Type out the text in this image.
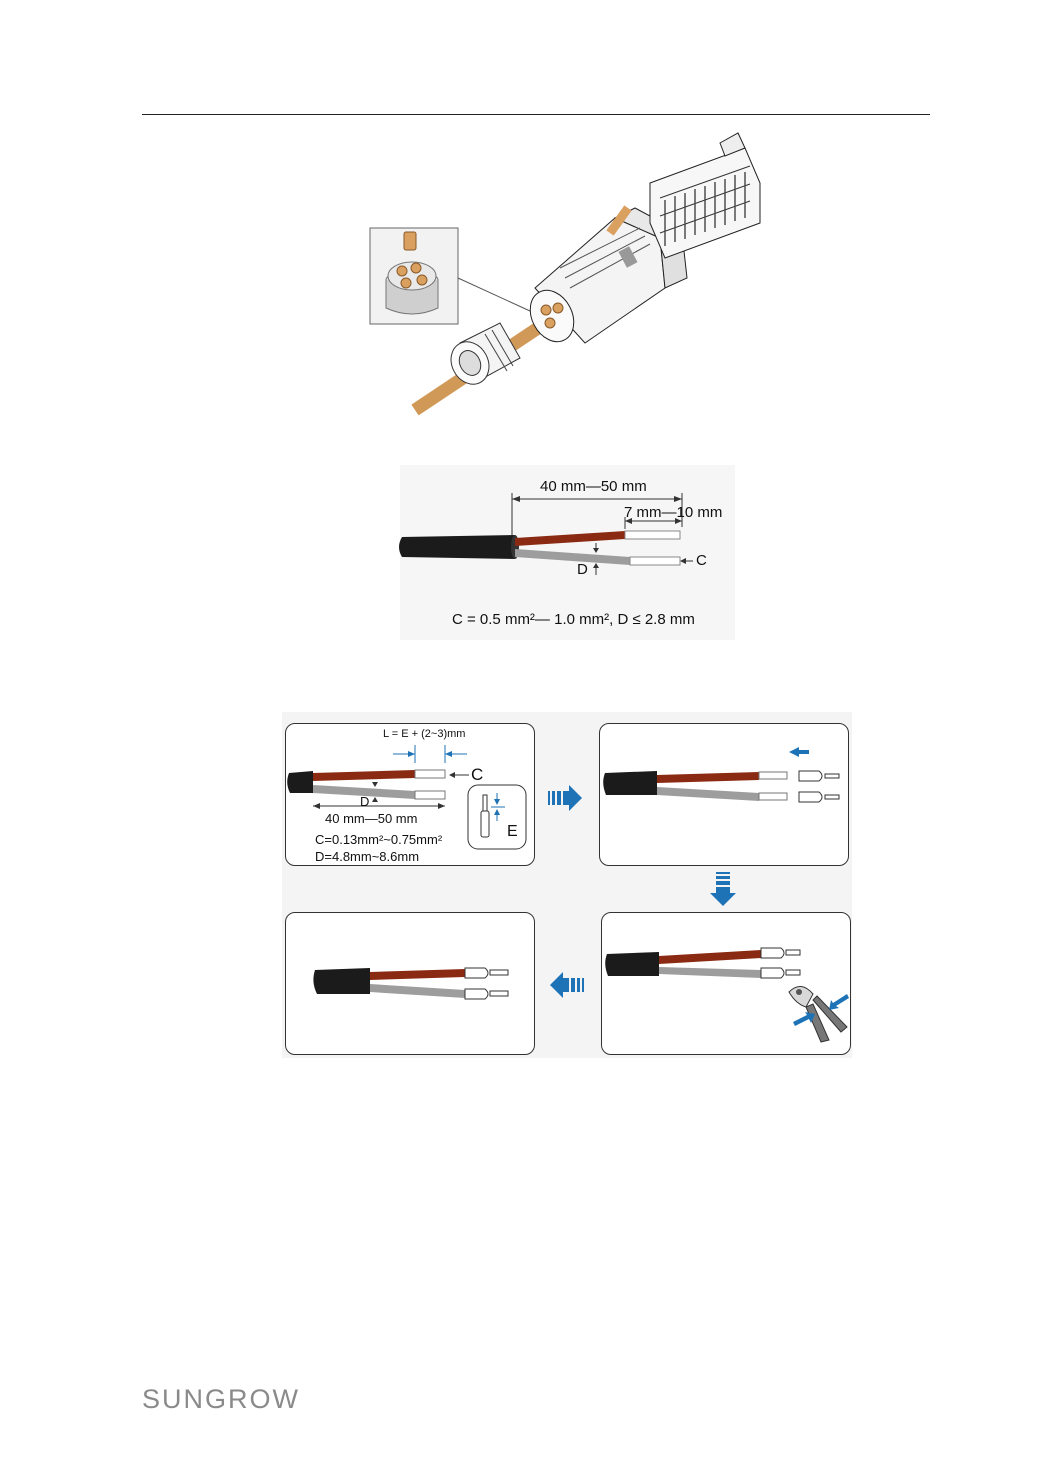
40 mm—50 mm
7 mm—10 mm
C
D
C = 0.5 mm²— 1.0 mm², D ≤ 2.8 mm
L = E + (2~3)mm
C
D
40 mm—50 mm
C=0.13mm²~0.75mm²
D=4.8mm~8.6mm
E
SUNGROW
